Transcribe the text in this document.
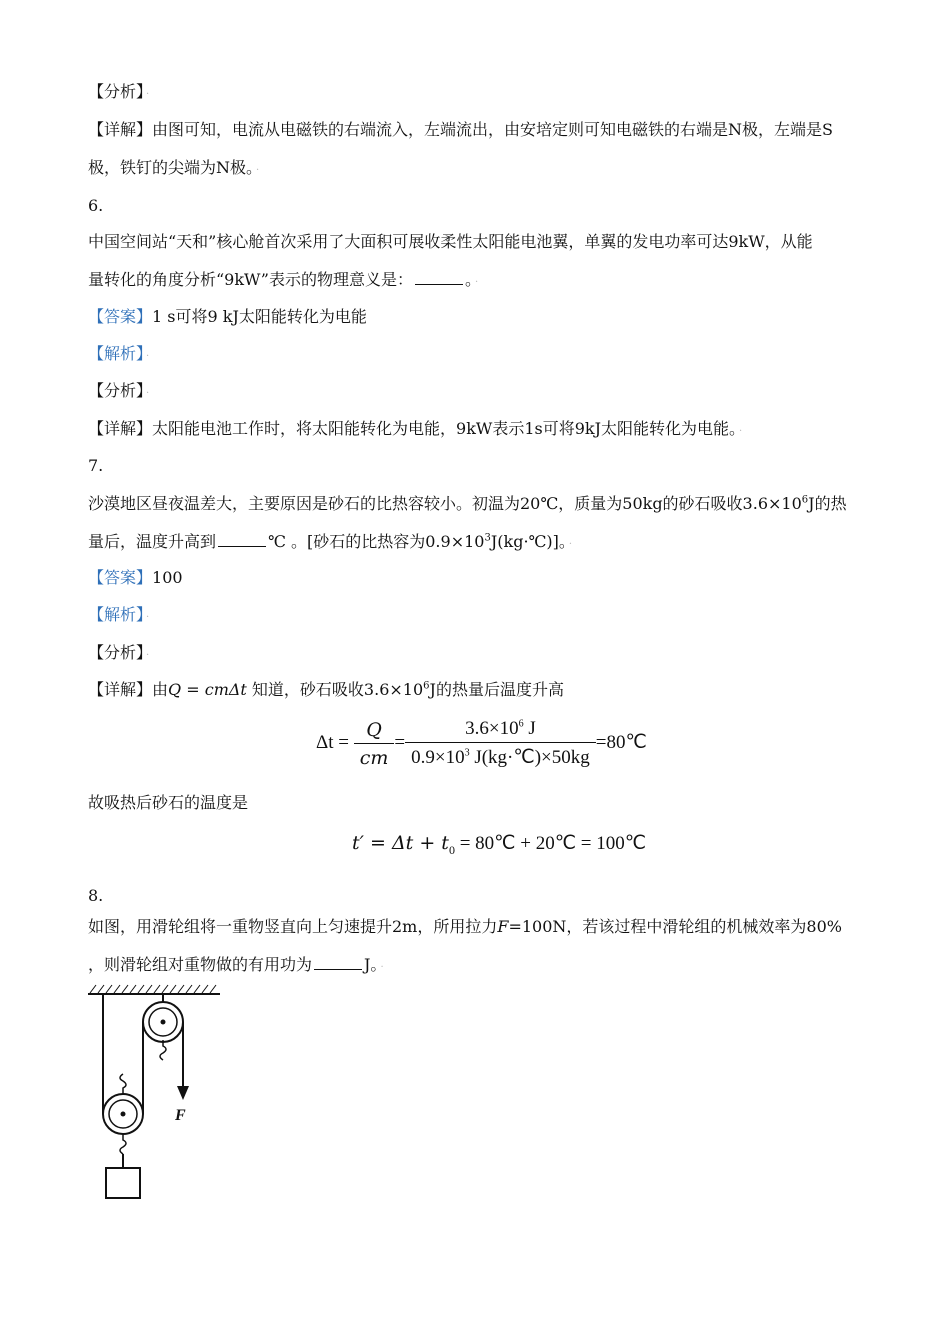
【分析】 ·
【详解】由图可知，电流从电磁铁的右端流入，左端流出，由安培定则可知电磁铁的右端是N极，左端是S
极，铁钉的尖端为N极。 ·
6.
中国空间站“天和”核心舱首次采用了大面积可展收柔性太阳能电池翼，单翼的发电功率可达9kW，从能
量转化的角度分析“9kW”表示的物理意义是：	。 ·
【答案】1 s可将9 kJ太阳能转化为电能
【解析】 ·
【分析】 ·
【详解】太阳能电池工作时，将太阳能转化为电能，9kW表示1s可将9kJ太阳能转化为电能。 ·
7.
沙漠地区昼夜温差大，主要原因是砂石的比热容较小。初温为20℃，质量为50kg的砂石吸收$3.6\times 10^6J$的热
量后，温度升高到	℃ 。[砂石的比热容为$0.9\times 10^3J(kg\cdot℃)$]。 ·
【答案】100
【解析】 ·
【分析】 ·
【详解】由Q = cmΔt 知道，砂石吸收$3.6\times 10^6J$的热量后温度升高
$\Delta t = \frac{Q}{cm} = \frac{3.6\times 10^6 J}{0.9\times 10^3 J(kg\cdot℃)\times 50kg}$ =80℃
故吸热后砂石的温度是
$t' = \Delta t + t_0$ = 80℃ + 20℃ = 100℃
8.
如图，用滑轮组将一重物竖直向上匀速提升2m，所用拉力F=100N，若该过程中滑轮组的机械效率为80%
，则滑轮组对重物做的有用功为	J。 ·
F
